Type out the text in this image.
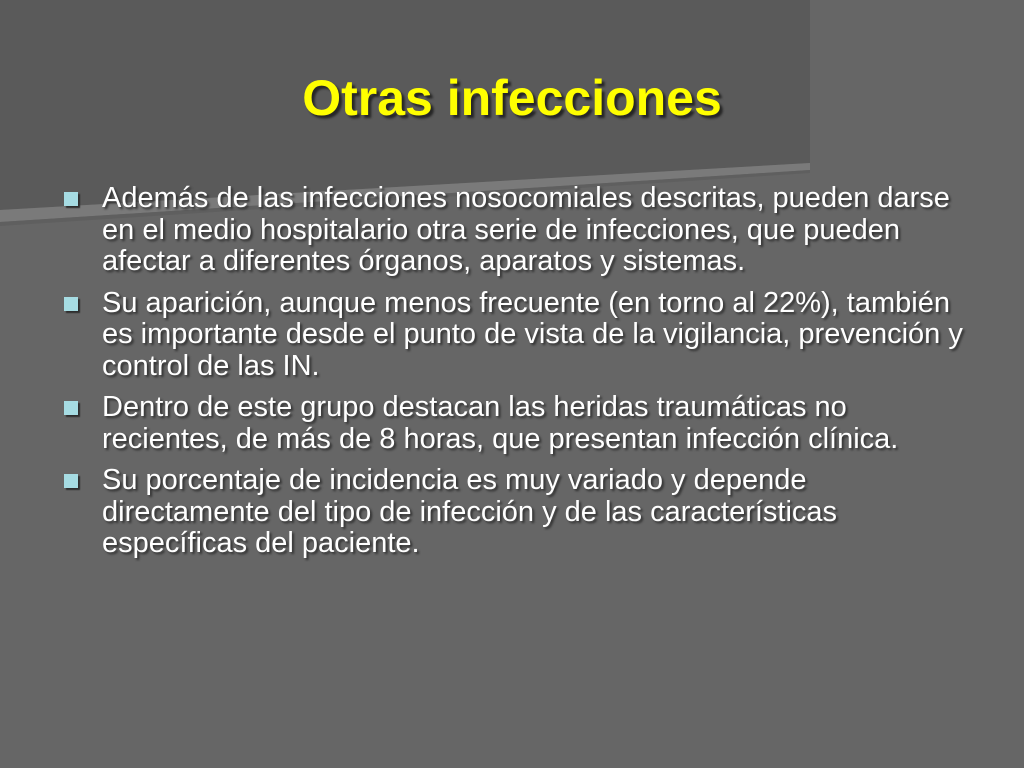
Otras infecciones
Además de las infecciones nosocomiales descritas, pueden darse en el medio hospitalario otra serie de infecciones, que pueden afectar a diferentes órganos, aparatos y sistemas.
Su aparición, aunque menos frecuente (en torno al 22%), también es importante desde el punto de vista de la vigilancia, prevención y control de las IN.
Dentro de este grupo destacan las heridas traumáticas no recientes, de más de 8 horas, que presentan infección clínica.
Su porcentaje de incidencia es muy variado y depende directamente del tipo de infección y de las características específicas del paciente.
